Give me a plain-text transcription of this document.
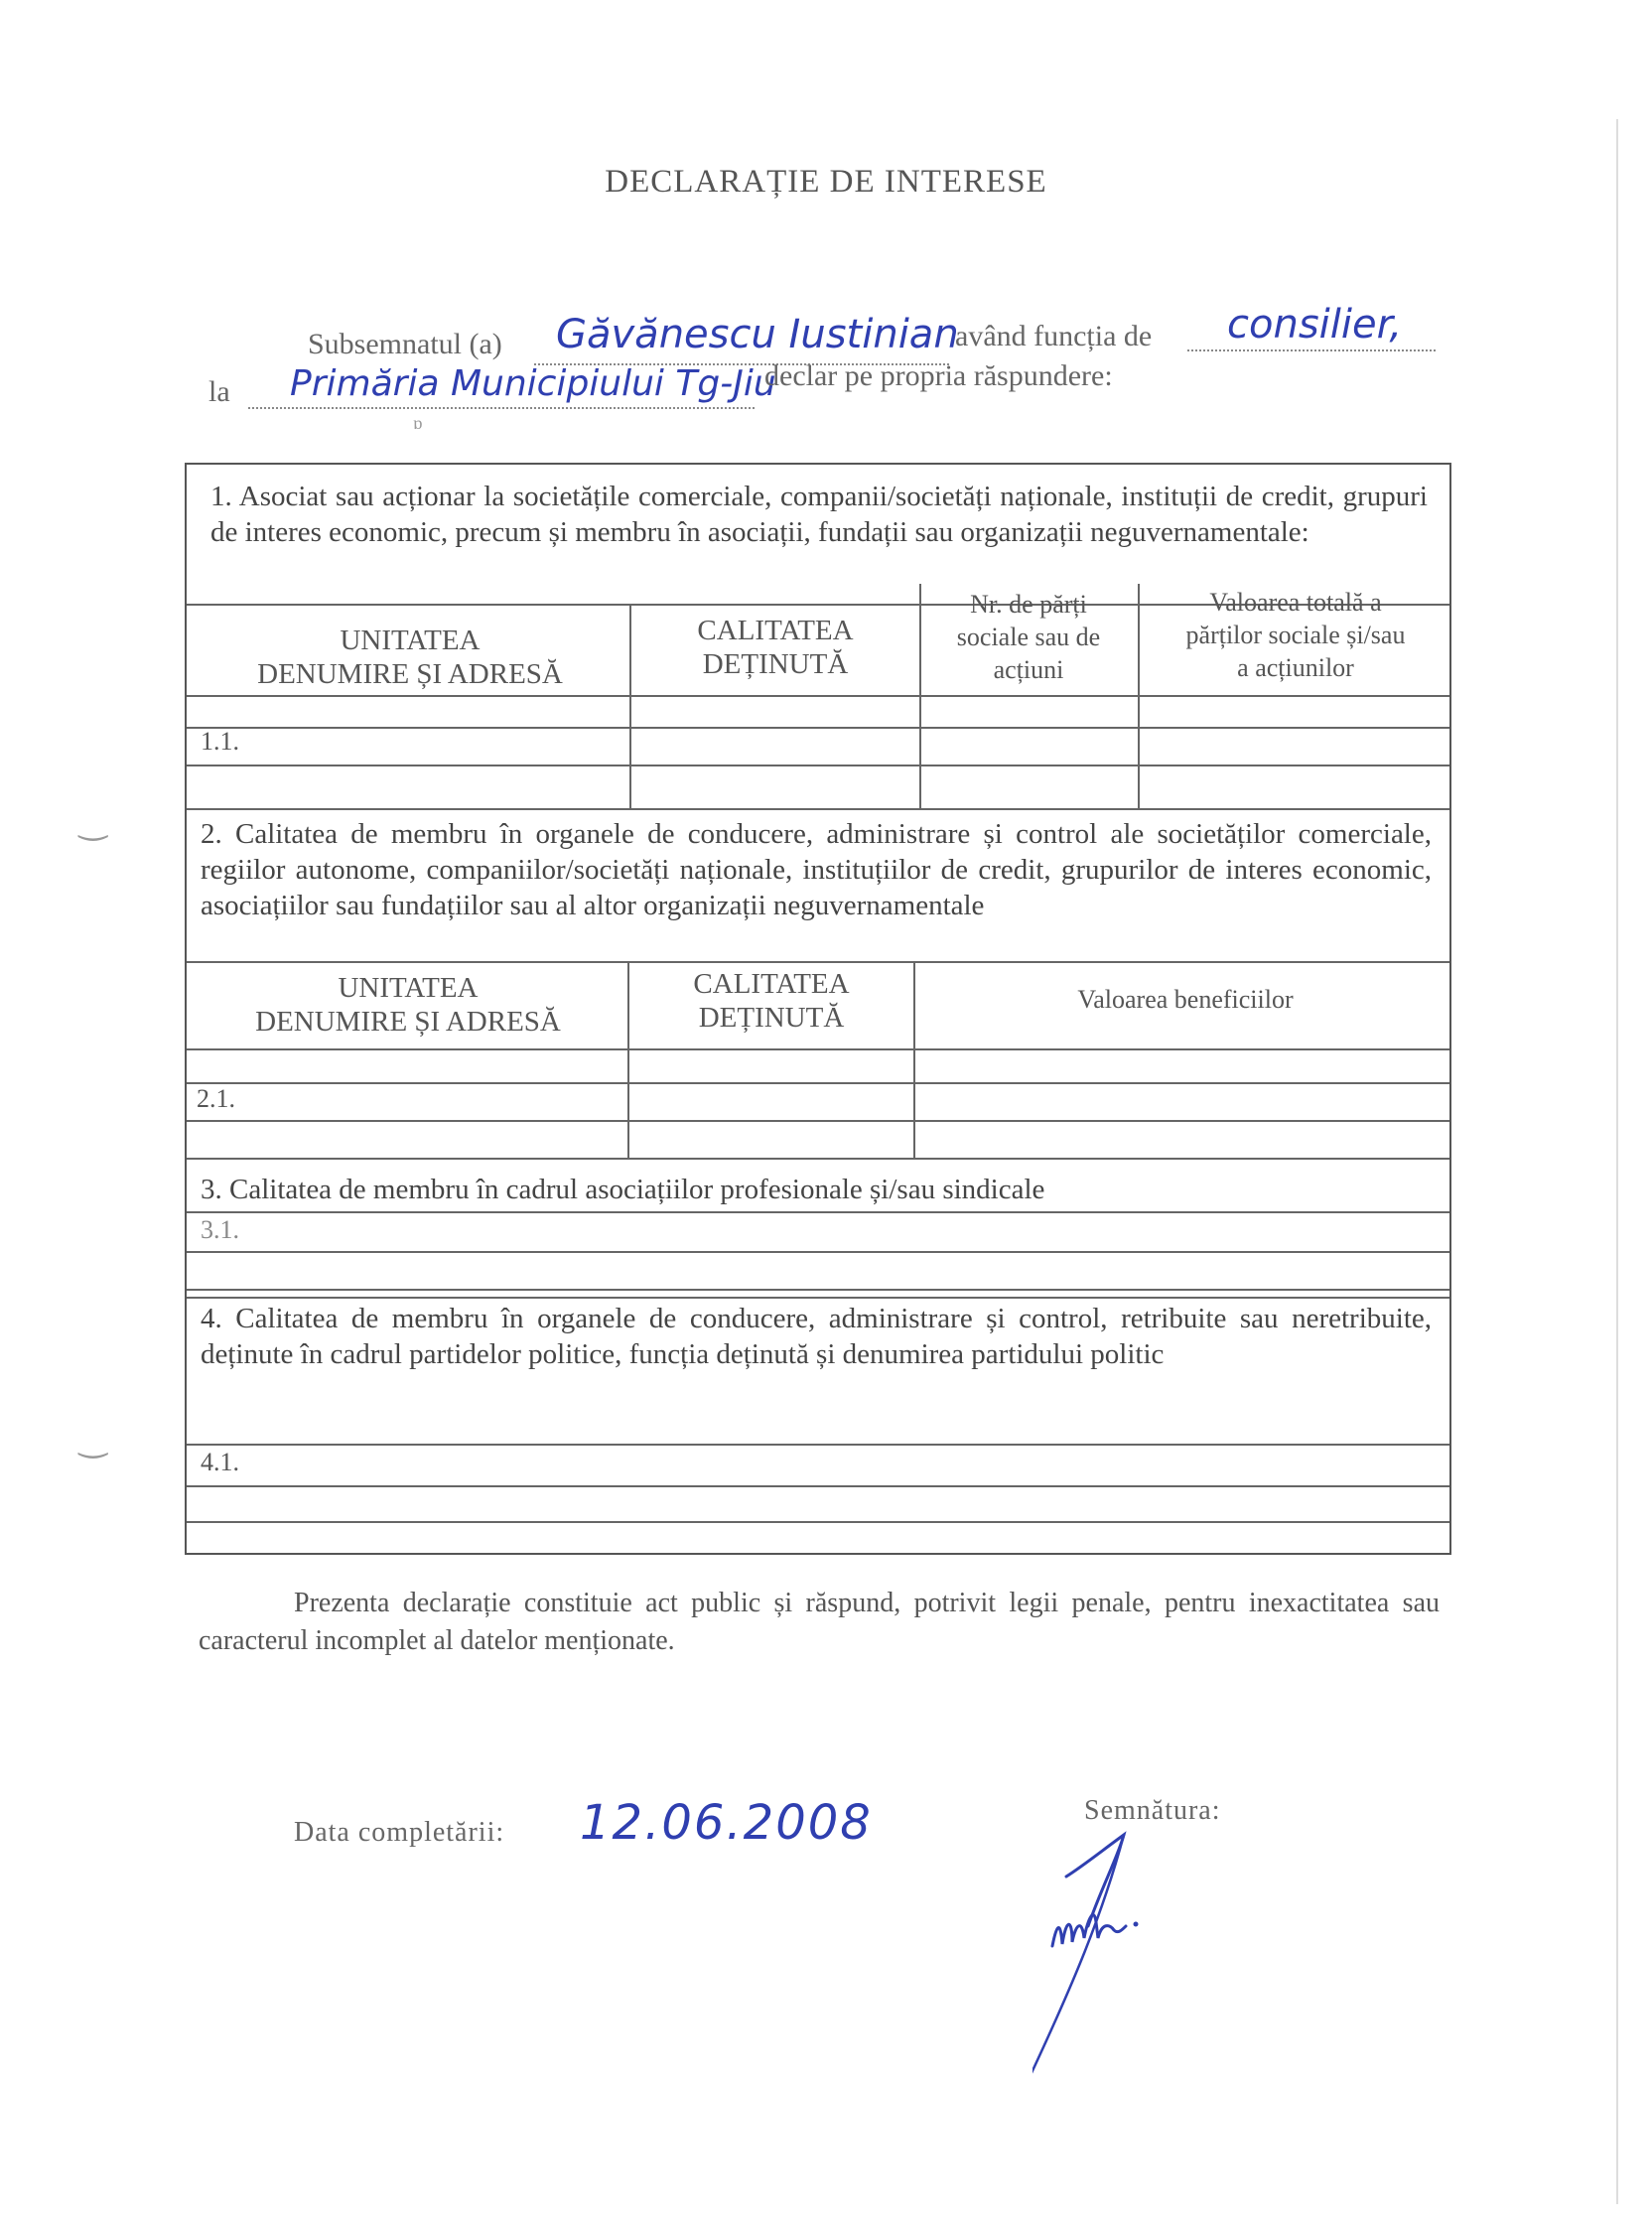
DECLARAȚIE DE INTERESE
Subsemnatul (a) Găvănescu Iustinian
având funcția de consilier,
la Primăria Municipiului Tg-Jiu
declar pe propria răspundere:
ɒ
1. Asociat sau acționar la societățile comerciale, companii/societăți naționale, instituții de credit, grupuri de interes economic, precum și membru în asociații, fundații sau organizații neguvernamentale:
UNITATEA
DENUMIRE ȘI ADRESĂ
CALITATEA
DEȚINUTĂ
Nr. de părți
sociale sau de
acțiuni
Valoarea totală a
părților sociale și/sau
a acțiunilor
1.1.
2. Calitatea de membru în organele de conducere, administrare și control ale societăților comerciale, regiilor autonome, companiilor/societăți naționale, instituțiilor de credit, grupurilor de interes economic, asociațiilor sau fundațiilor sau al altor organizații neguvernamentale
UNITATEA
DENUMIRE ȘI ADRESĂ
CALITATEA
DEȚINUTĂ
Valoarea beneficiilor
2.1.
3. Calitatea de membru în cadrul asociațiilor profesionale și/sau sindicale
3.1.
4. Calitatea de membru în organele de conducere, administrare și control, retribuite sau neretribuite, deținute în cadrul partidelor politice, funcția deținută și denumirea partidului politic
4.1.
Prezenta declarație constituie act public și răspund, potrivit legii penale, pentru inexactitatea sau caracterul incomplet al datelor menționate.
Data completării: 12.06.2008	Semnătura:
‿
‿
